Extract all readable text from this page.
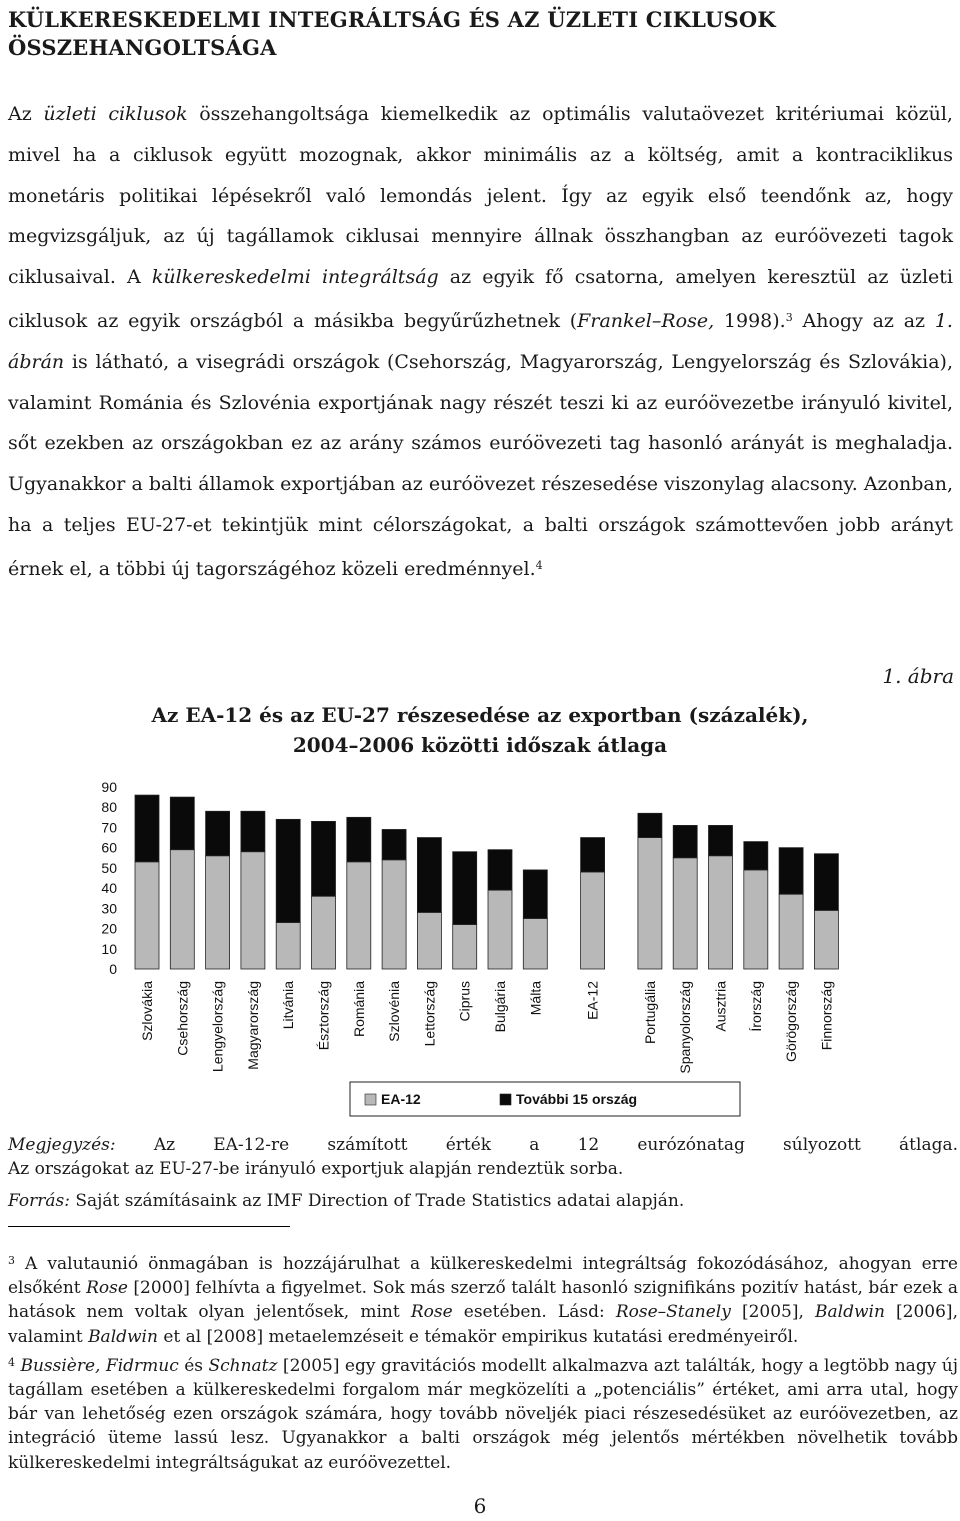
KÜLKERESKEDELMI INTEGRÁLTSÁG ÉS AZ ÜZLETI CIKLUSOK
ÖSSZEHANGOLTSÁGA

Az üzleti ciklusok összehangoltsága kiemelkedik az optimális valutaövezet kritériumai közül, mivel ha a ciklusok együtt mozognak, akkor minimális az a költség, amit a kontraciklikus monetáris politikai lépésekről való lemondás jelent. Így az egyik első teendőnk az, hogy megvizsgáljuk, az új tagállamok ciklusai mennyire állnak összhangban az euróövezeti tagok ciklusaival. A külkereskedelmi integráltság az egyik fő csatorna, amelyen keresztül az üzleti ciklusok az egyik országból a másikba begyűrűzhetnek (Frankel–Rose, 1998).$^3$ Ahogy az az 1. ábrán is látható, a visegrádi országok (Csehország, Magyarország, Lengyelország és Szlovákia), valamint Románia és Szlovénia exportjának nagy részét teszi ki az euróövezetbe irányuló kivitel, sőt ezekben az országokban ez az arány számos euróövezeti tag hasonló arányát is meghaladja. Ugyanakkor a balti államok exportjában az euróövezet részesedése viszonylag alacsony. Azonban, ha a teljes EU-27-et tekintjük mint célországokat, a balti országok számottevően jobb arányt érnek el, a többi új tagországéhoz közeli eredménnyel.$^4$

1. ábra

Az EA-12 és az EU-27 részesedése az exportban (százalék),
2004–2006 közötti időszak átlaga

0
10
20
30
40
50
60
70
80
90
Szlovákia Csehország Lengyelország Magyarország Litvánia Észtország Románia Szlovénia Lettország Ciprus Bulgária Málta	EA-12	Portugália Spanyolország Ausztria Írország Görögország Finnország
EA-12	További 15 ország

Megjegyzés: Az EA-12-re számított érték a 12 eurózónatag súlyozott átlaga.

Az országokat az EU-27-be irányuló exportjuk alapján rendeztük sorba.

Forrás: Saját számításaink az IMF Direction of Trade Statistics adatai alapján.

$^3$ A valutaunió önmagában is hozzájárulhat a külkereskedelmi integráltság fokozódásához, ahogyan erre elsőként Rose [2000] felhívta a figyelmet. Sok más szerző talált hasonló szignifikáns pozitív hatást, bár ezek a hatások nem voltak olyan jelentősek, mint Rose esetében. Lásd: Rose–Stanely [2005], Baldwin [2006], valamint Baldwin et al [2008] metaelemzéseit e témakör empirikus kutatási eredményeiről.

$^4$ Bussière, Fidrmuc és Schnatz [2005] egy gravitációs modellt alkalmazva azt találták, hogy a legtöbb nagy új tagállam esetében a külkereskedelmi forgalom már megközelíti a „potenciális” értéket, ami arra utal, hogy bár van lehetőség ezen országok számára, hogy tovább növeljék piaci részesedésüket az euróövezetben, az integráció üteme lassú lesz. Ugyanakkor a balti országok még jelentős mértékben növelhetik tovább külkereskedelmi integráltságukat az euróövezettel.

6
